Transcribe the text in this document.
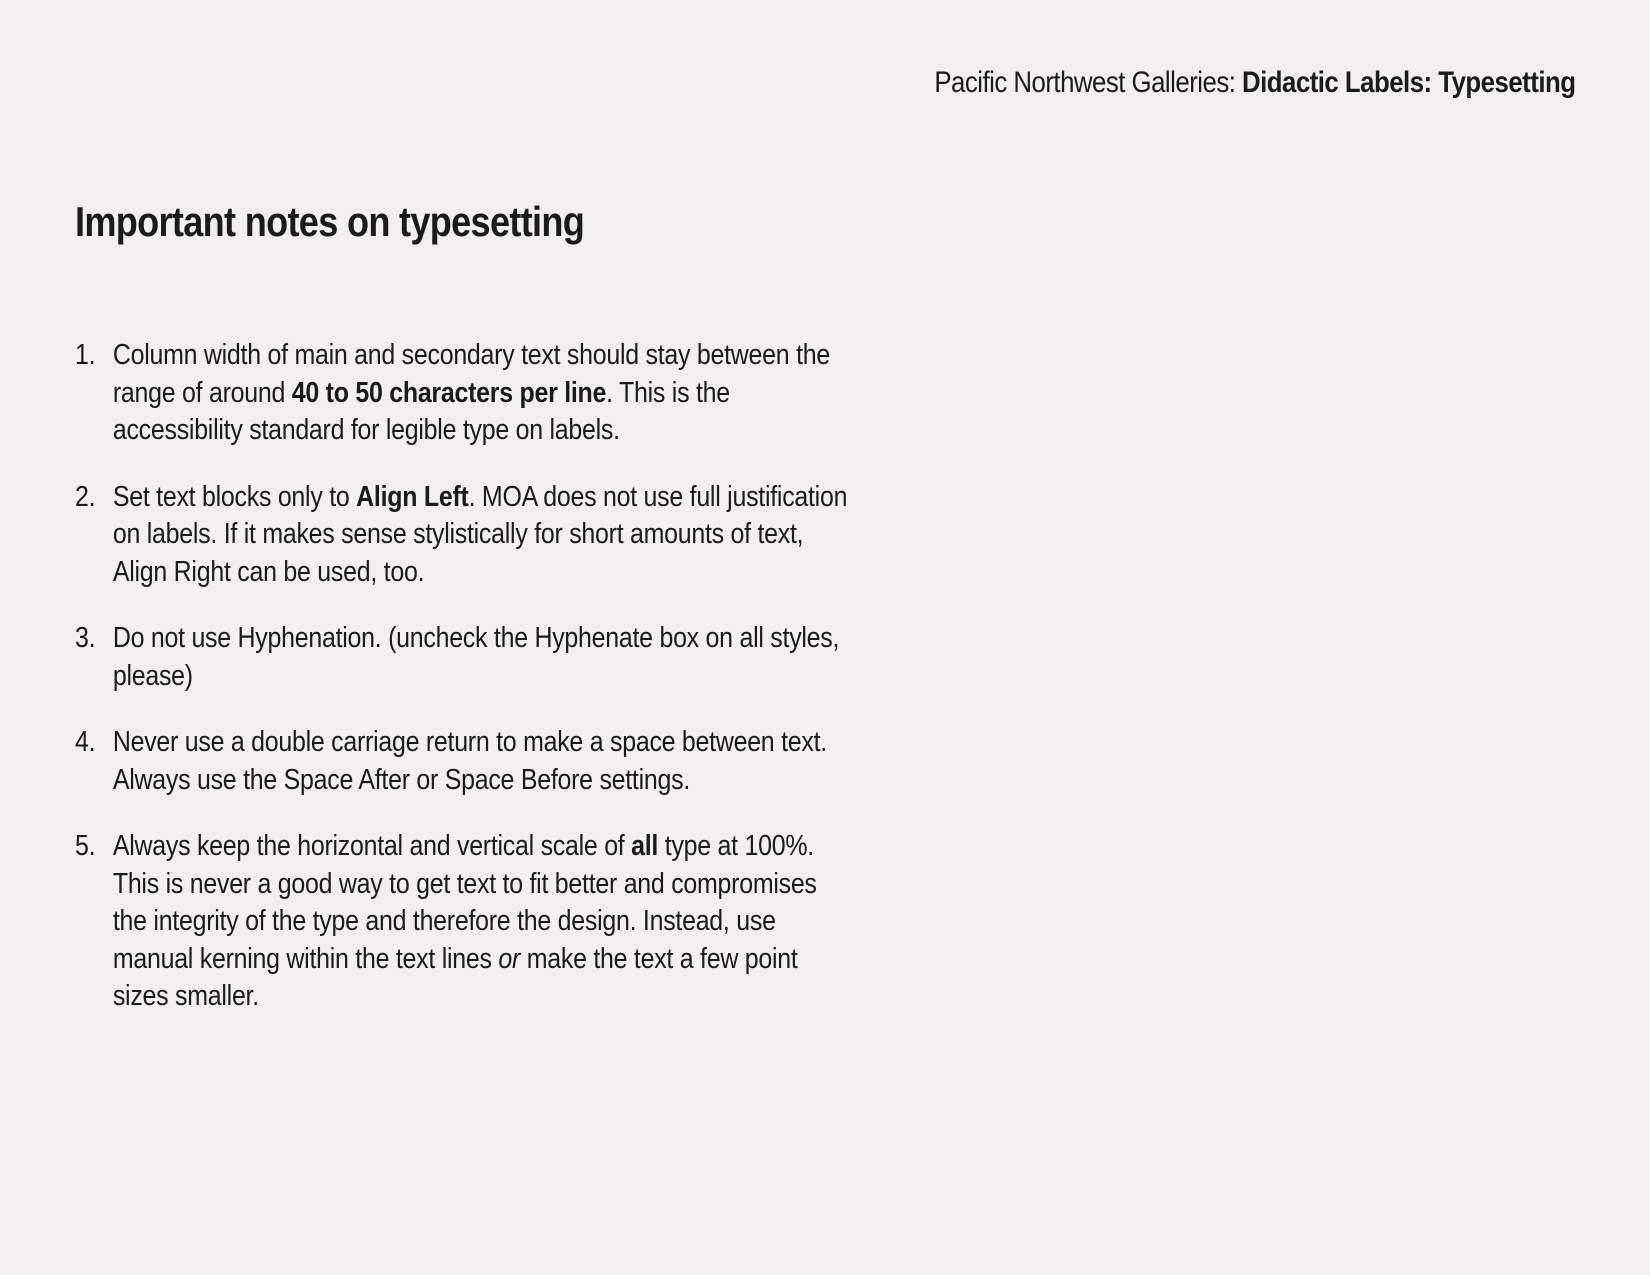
Pacific Northwest Galleries: Didactic Labels: Typesetting
Important notes on typesetting
1. Column width of main and secondary text should stay between the range of around 40 to 50 characters per line. This is the accessibility standard for legible type on labels.
2. Set text blocks only to Align Left. MOA does not use full justification on labels. If it makes sense stylistically for short amounts of text, Align Right can be used, too.
3. Do not use Hyphenation. (uncheck the Hyphenate box on all styles, please)
4. Never use a double carriage return to make a space between text. Always use the Space After or Space Before settings.
5. Always keep the horizontal and vertical scale of all type at 100%. This is never a good way to get text to fit better and compromises the integrity of the type and therefore the design. Instead, use manual kerning within the text lines or make the text a few point sizes smaller.
